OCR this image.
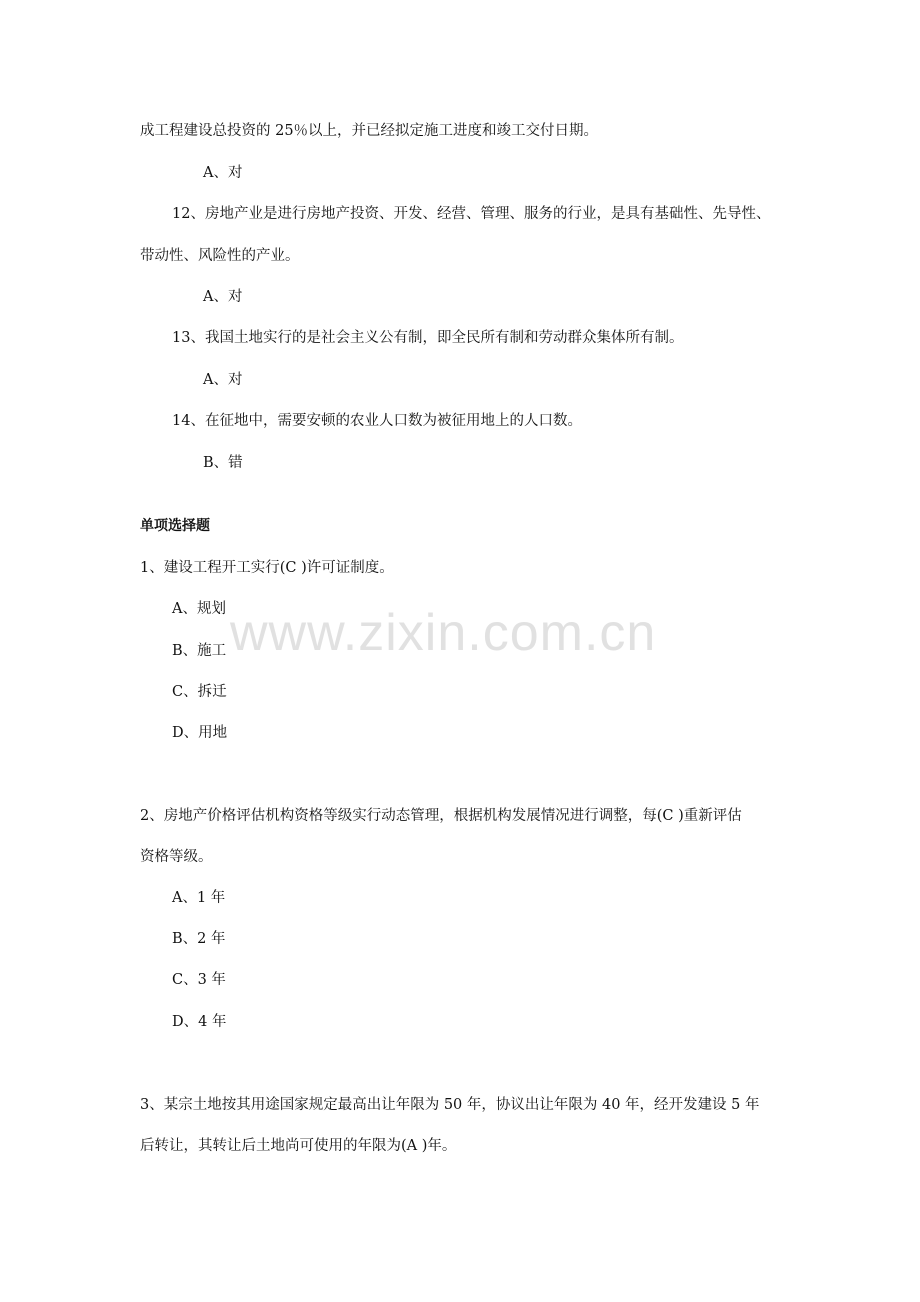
成工程建设总投资的 25％以上，并已经拟定施工进度和竣工交付日期。
A、对
12、房地产业是进行房地产投资、开发、经营、管理、服务的行业，是具有基础性、先导性、
带动性、风险性的产业。
A、对
13、我国土地实行的是社会主义公有制，即全民所有制和劳动群众集体所有制。
A、对
14、在征地中，需要安顿的农业人口数为被征用地上的人口数。
B、错
单项选择题
1、建设工程开工实行(C )许可证制度。
A、规划
B、施工
C、拆迁
D、用地
2、房地产价格评估机构资格等级实行动态管理，根据机构发展情况进行调整，每(C )重新评估
资格等级。
A、1 年
B、2 年
C、3 年
D、4 年
3、某宗土地按其用途国家规定最高出让年限为 50 年，协议出让年限为 40 年，经开发建设 5 年
后转让，其转让后土地尚可使用的年限为(A )年。
www.zixin.com.cn
